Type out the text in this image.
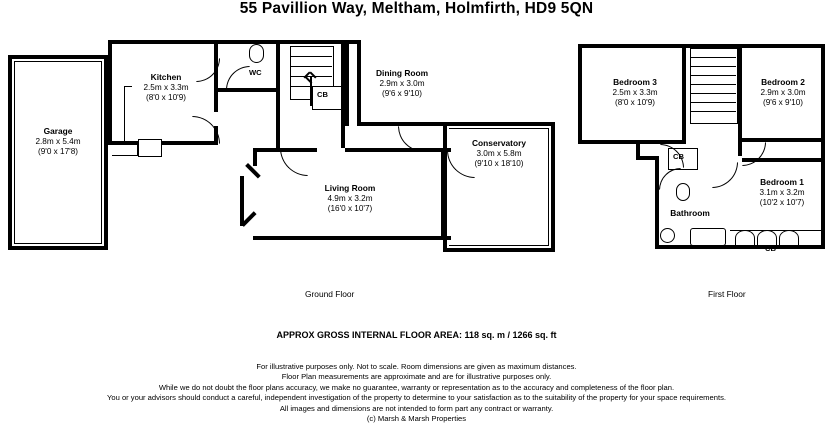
55 Pavillion Way, Meltham, Holmfirth, HD9 5QN
Garage
2.8m x 5.4m
(9'0 x 17'8)
Conservatory
3.0m x 5.8m
(9'10 x 18'10)
Kitchen
2.5m x 3.3m
(8'0 x 10'9)
WC	Dining Room
2.9m x 3.0m
(9'6 x 9'10)
CB
Living Room
4.9m x 3.2m
(16'0 x 10'7)
Ground Floor
Bedroom 3
2.5m x 3.3m
(8'0 x 10'9)
Bedroom 2
2.9m x 3.0m
(9'6 x 9'10)
Bedroom 1
3.1m x 3.2m
(10'2 x 10'7)
CB
CB
Bathroom
First Floor
APPROX GROSS INTERNAL FLOOR AREA: 118 sq. m / 1266 sq. ft
For illustrative purposes only. Not to scale. Room dimensions are given as maximum distances.
Floor Plan measurements are approximate and are for illustrative purposes only.
While we do not doubt the floor plans accuracy, we make no guarantee, warranty or representation as to the accuracy and completeness of the floor plan.
You or your advisors should conduct a careful, independent investigation of the property to determine to your satisfaction as to the suitability of the property for your space requirements.
All images and dimensions are not intended to form part any contract or warranty.
(c) Marsh & Marsh Properties
